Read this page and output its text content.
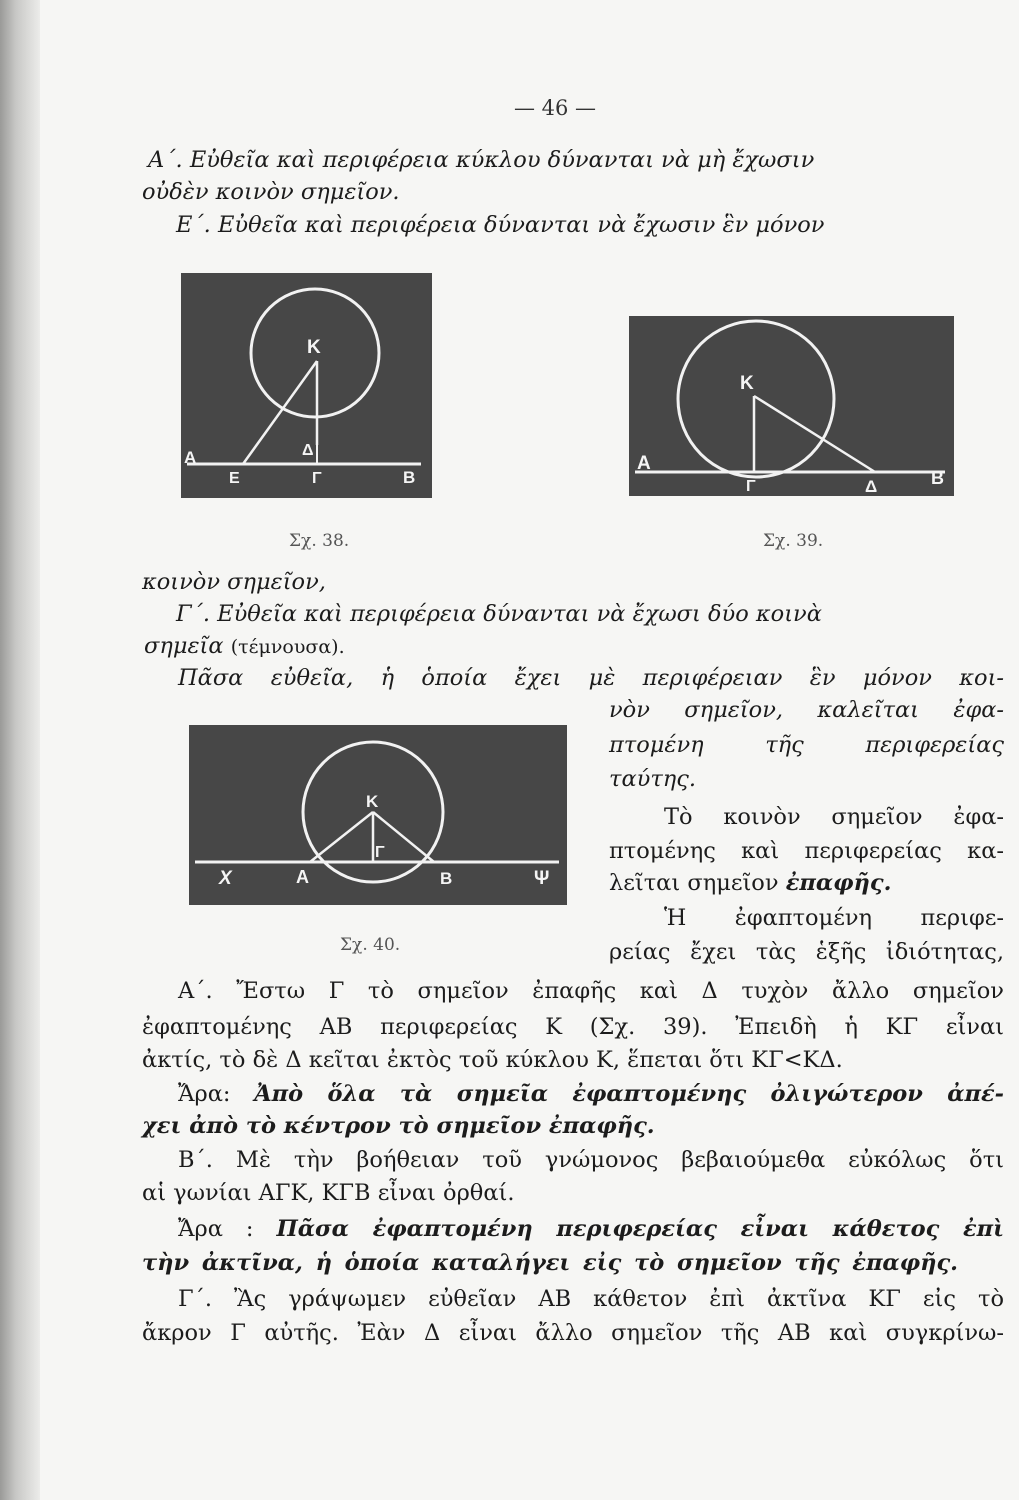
— 46 —
Α΄. Εὐθεῖα καὶ περιφέρεια κύκλου δύνανται νὰ μὴ ἔχωσιν
οὐδὲν κοινὸν σημεῖον.
Ε΄. Εὐθεῖα καὶ περιφέρεια δύνανται νὰ ἔχωσιν ἓν μόνον
Κ
Δ
Α
Ε	Γ	Β
Σχ. 38.
Κ
Α
Γ	Δ	Β
Σχ. 39.
κοινὸν σημεῖον,
Γ΄. Εὐθεῖα καὶ περιφέρεια δύνανται νὰ ἔχωσι δύο κοινὰ
σημεῖα (τέμνουσα).
Πᾶσα εὐθεῖα, ἡ ὁποία ἔχει μὲ περιφέρειαν ἓν μόνον κοι-
νὸν σημεῖον, καλεῖται ἐφα-
πτομένη τῆς περιφερείας
ταύτης.
Κ
Γ
Χ	Α	Β	Ψ
Σχ. 40.
Τὸ κοινὸν σημεῖον ἐφα-
πτομένης καὶ περιφερείας κα-
λεῖται σημεῖον ἐπαφῆς.
Ἡ ἐφαπτομένη περιφε-
ρείας ἔχει τὰς ἑξῆς ἰδιότητας,
Α΄. Ἔστω Γ τὸ σημεῖον ἐπαφῆς καὶ Δ τυχὸν ἄλλο σημεῖον
ἐφαπτομένης ΑΒ περιφερείας Κ (Σχ. 39). Ἐπειδὴ ἡ ΚΓ εἶναι
ἀκτίς, τὸ δὲ Δ κεῖται ἐκτὸς τοῦ κύκλου Κ, ἕπεται ὅτι ΚΓ<ΚΔ.
Ἄρα: Ἀπὸ ὅλα τὰ σημεῖα ἐφαπτομένης ὀλιγώτερον ἀπέ-
χει ἀπὸ τὸ κέντρον τὸ σημεῖον ἐπαφῆς.
Β΄. Μὲ τὴν βοήθειαν τοῦ γνώμονος βεβαιούμεθα εὐκόλως ὅτι
αἱ γωνίαι ΑΓΚ, ΚΓΒ εἶναι ὀρθαί.
Ἄρα : Πᾶσα ἐφαπτομένη περιφερείας εἶναι κάθετος ἐπὶ
τὴν ἀκτῖνα, ἡ ὁποία καταλήγει εἰς τὸ σημεῖον τῆς ἐπαφῆς.
Γ΄. Ἂς γράψωμεν εὐθεῖαν ΑΒ κάθετον ἐπὶ ἀκτῖνα ΚΓ εἰς τὸ
ἄκρον Γ αὐτῆς. Ἐὰν Δ εἶναι ἄλλο σημεῖον τῆς ΑΒ καὶ συγκρίνω-
